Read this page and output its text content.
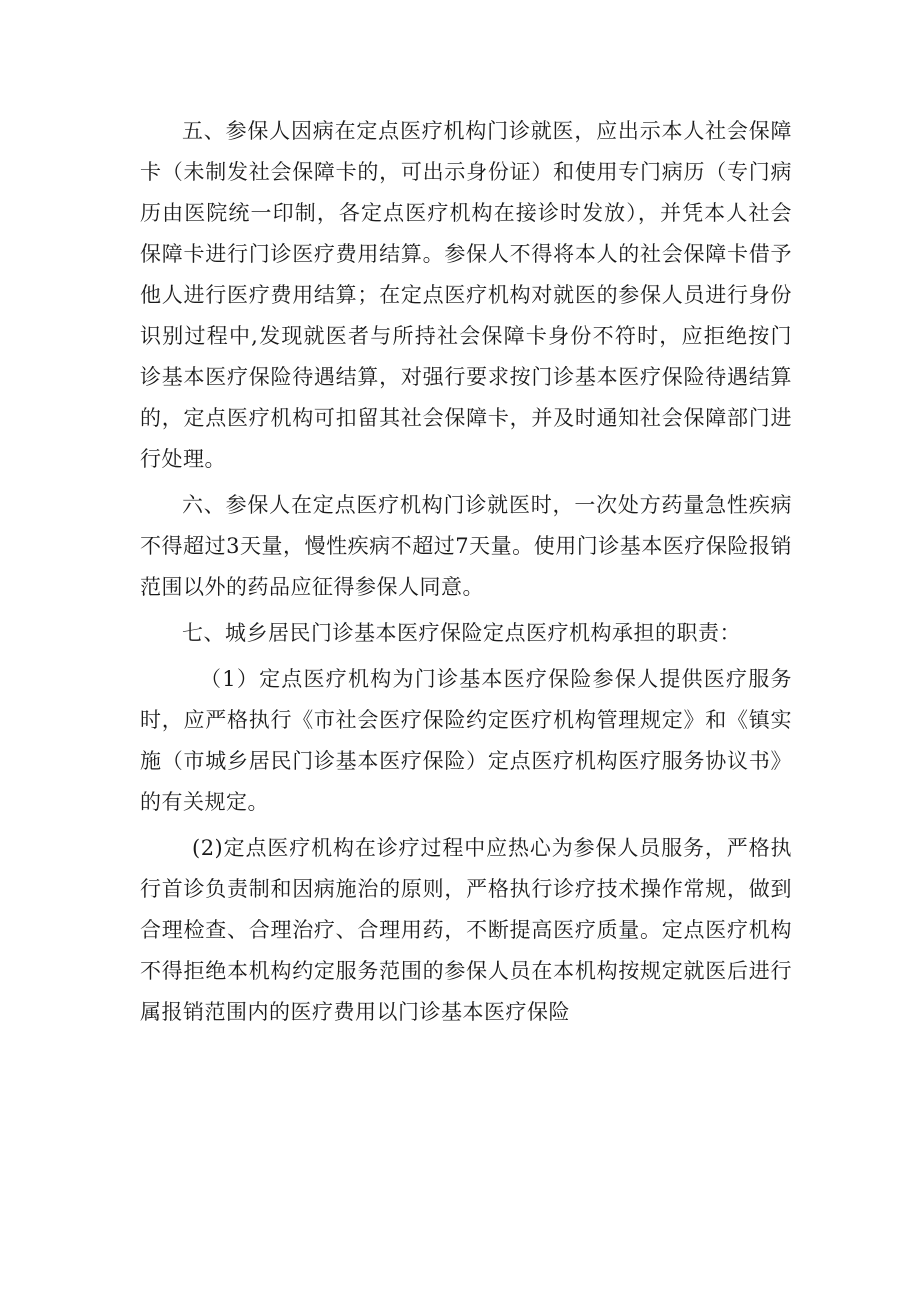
五、参保人因病在定点医疗机构门诊就医，应出示本人社会保障卡（未制发社会保障卡的，可出示身份证）和使用专门病历（专门病历由医院统一印制，各定点医疗机构在接诊时发放），并凭本人社会保障卡进行门诊医疗费用结算。参保人不得将本人的社会保障卡借予他人进行医疗费用结算；在定点医疗机构对就医的参保人员进行身份识别过程中,发现就医者与所持社会保障卡身份不符时，应拒绝按门诊基本医疗保险待遇结算，对强行要求按门诊基本医疗保险待遇结算的，定点医疗机构可扣留其社会保障卡，并及时通知社会保障部门进行处理。

六、参保人在定点医疗机构门诊就医时，一次处方药量急性疾病不得超过3天量，慢性疾病不超过7天量。使用门诊基本医疗保险报销范围以外的药品应征得参保人同意。

七、城乡居民门诊基本医疗保险定点医疗机构承担的职责：

（1）定点医疗机构为门诊基本医疗保险参保人提供医疗服务时，应严格执行《市社会医疗保险约定医疗机构管理规定》和《镇实施（市城乡居民门诊基本医疗保险）定点医疗机构医疗服务协议书》的有关规定。

(2)定点医疗机构在诊疗过程中应热心为参保人员服务，严格执行首诊负责制和因病施治的原则，严格执行诊疗技术操作常规，做到合理检查、合理治疗、合理用药，不断提高医疗质量。定点医疗机构不得拒绝本机构约定服务范围的参保人员在本机构按规定就医后进行属报销范围内的医疗费用以门诊基本医疗保险
